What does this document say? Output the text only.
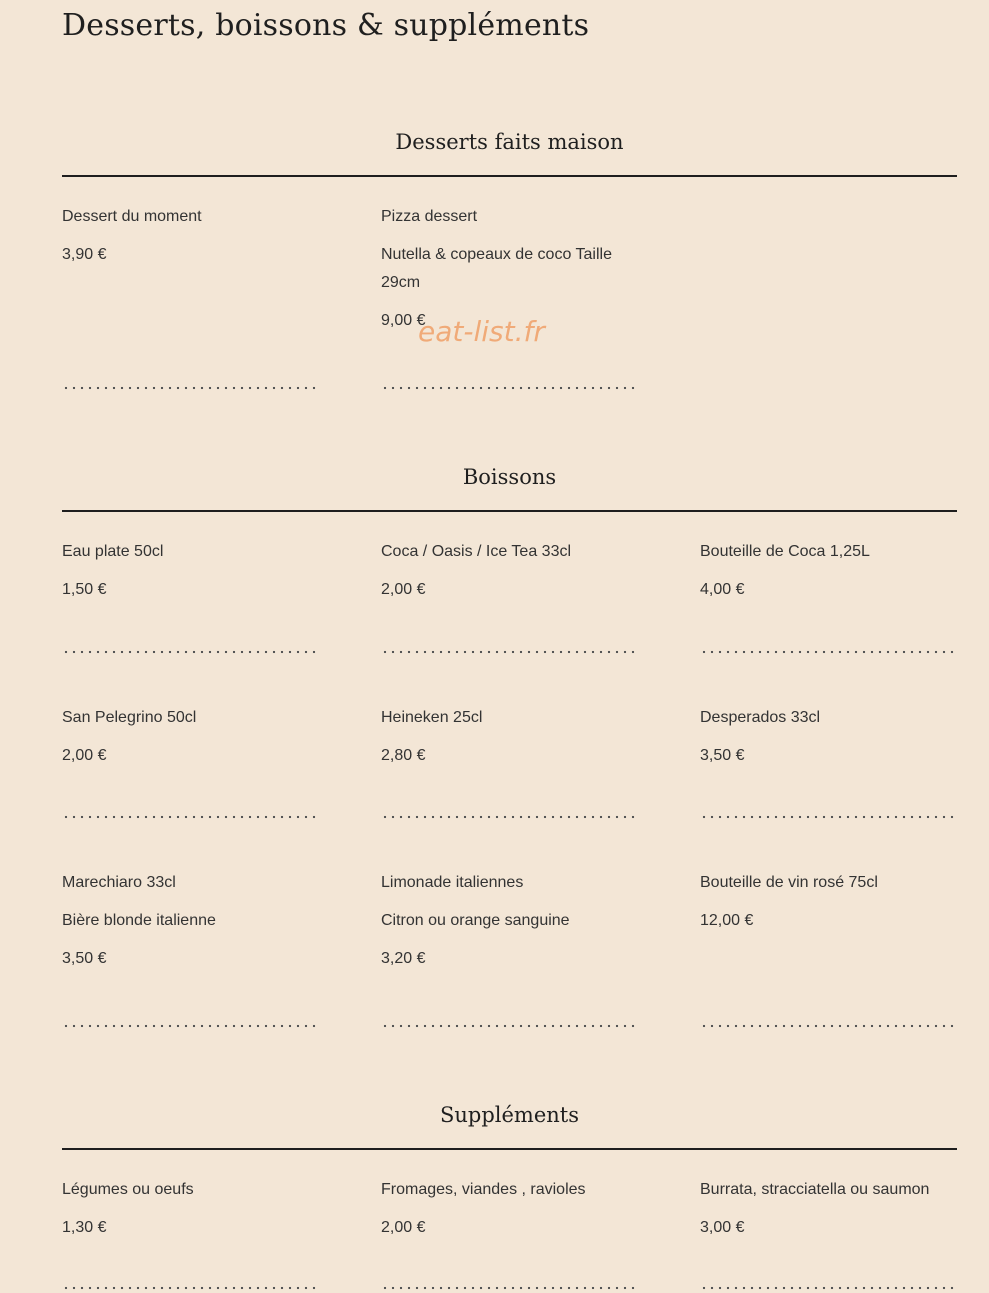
Desserts, boissons & suppléments
Desserts faits maison
Dessert du moment
3,90 €
Pizza dessert
Nutella & copeaux de coco Taille 29cm
9,00 €
Boissons
Eau plate 50cl
1,50 €
Coca / Oasis / Ice Tea 33cl
2,00 €
Bouteille de Coca 1,25L
4,00 €
San Pelegrino 50cl
2,00 €
Heineken 25cl
2,80 €
Desperados 33cl
3,50 €
Marechiaro 33cl
Bière blonde italienne
3,50 €
Limonade italiennes
Citron ou orange sanguine
3,20 €
Bouteille de vin rosé 75cl
12,00 €
Suppléments
Légumes ou oeufs
1,30 €
Fromages, viandes , ravioles
2,00 €
Burrata, stracciatella ou saumon
3,00 €
eat-list.fr
